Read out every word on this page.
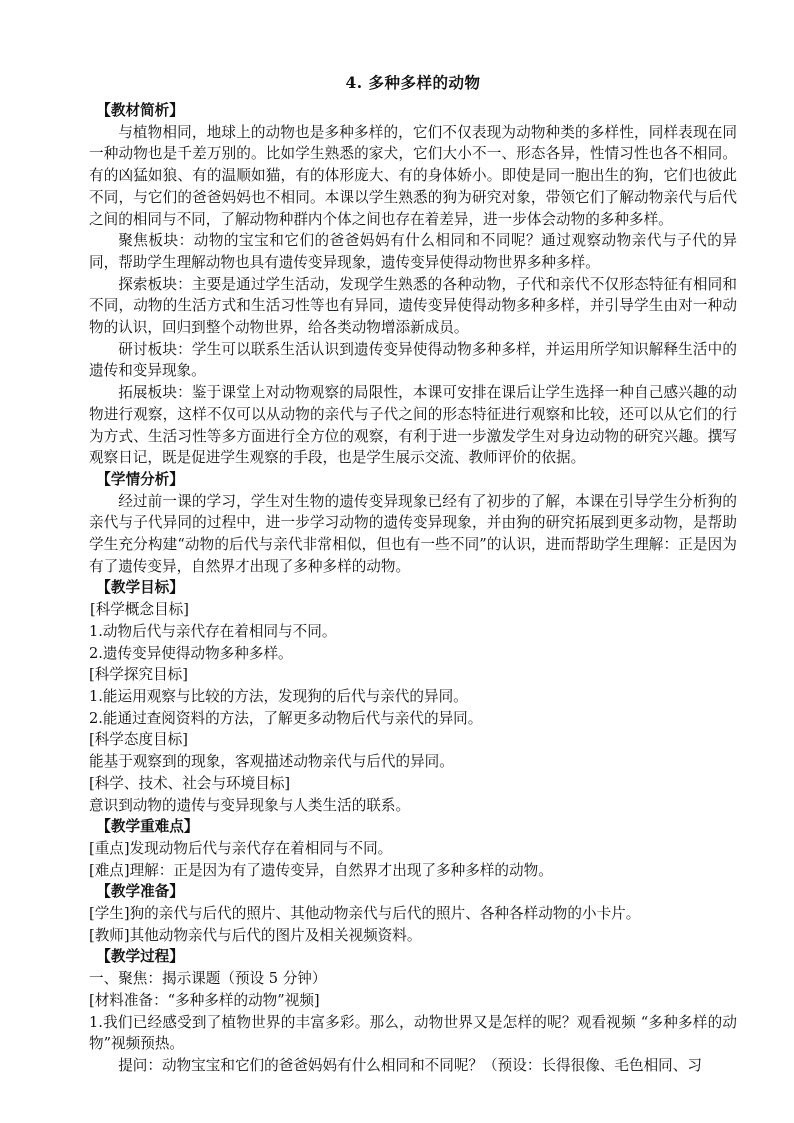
4. 多种多样的动物

【教材简析】

与植物相同，地球上的动物也是多种多样的，它们不仅表现为动物种类的多样性，同样表现在同一种动物也是千差万别的。比如学生熟悉的家犬，它们大小不一、形态各异，性情习性也各不相同。有的凶猛如狼、有的温顺如猫，有的体形庞大、有的身体娇小。即使是同一胞出生的狗，它们也彼此不同，与它们的爸爸妈妈也不相同。本课以学生熟悉的狗为研究对象，带领它们了解动物亲代与后代之间的相同与不同，了解动物种群内个体之间也存在着差异，进一步体会动物的多种多样。

聚焦板块：动物的宝宝和它们的爸爸妈妈有什么相同和不同呢？通过观察动物亲代与子代的异同，帮助学生理解动物也具有遗传变异现象，遗传变异使得动物世界多种多样。

探索板块：主要是通过学生活动，发现学生熟悉的各种动物，子代和亲代不仅形态特征有相同和不同，动物的生活方式和生活习性等也有异同，遗传变异使得动物多种多样，并引导学生由对一种动物的认识，回归到整个动物世界，给各类动物增添新成员。

研讨板块：学生可以联系生活认识到遗传变异使得动物多种多样，并运用所学知识解释生活中的遗传和变异现象。

拓展板块：鉴于课堂上对动物观察的局限性，本课可安排在课后让学生选择一种自己感兴趣的动物进行观察，这样不仅可以从动物的亲代与子代之间的形态特征进行观察和比较，还可以从它们的行为方式、生活习性等多方面进行全方位的观察，有利于进一步激发学生对身边动物的研究兴趣。撰写观察日记，既是促进学生观察的手段，也是学生展示交流、教师评价的依据。

【学情分析】

经过前一课的学习，学生对生物的遗传变异现象已经有了初步的了解，本课在引导学生分析狗的亲代与子代异同的过程中，进一步学习动物的遗传变异现象，并由狗的研究拓展到更多动物，是帮助学生充分构建“动物的后代与亲代非常相似，但也有一些不同”的认识，进而帮助学生理解：正是因为有了遗传变异，自然界才出现了多种多样的动物。

【教学目标】

[科学概念目标]

1.动物后代与亲代存在着相同与不同。

2.遗传变异使得动物多种多样。

[科学探究目标]

1.能运用观察与比较的方法，发现狗的后代与亲代的异同。

2.能通过查阅资料的方法，了解更多动物后代与亲代的异同。

[科学态度目标]

能基于观察到的现象，客观描述动物亲代与后代的异同。

[科学、技术、社会与环境目标]

意识到动物的遗传与变异现象与人类生活的联系。

【教学重难点】

[重点]发现动物后代与亲代存在着相同与不同。

[难点]理解：正是因为有了遗传变异，自然界才出现了多种多样的动物。

【教学准备】

[学生]狗的亲代与后代的照片、其他动物亲代与后代的照片、各种各样动物的小卡片。

[教师]其他动物亲代与后代的图片及相关视频资料。

【教学过程】

一、聚焦：揭示课题（预设 5 分钟）

[材料准备：“多种多样的动物”视频]

1.我们已经感受到了植物世界的丰富多彩。那么，动物世界又是怎样的呢？观看视频 “多种多样的动物”视频预热。

提问：动物宝宝和它们的爸爸妈妈有什么相同和不同呢？（预设：长得很像、毛色相同、习
